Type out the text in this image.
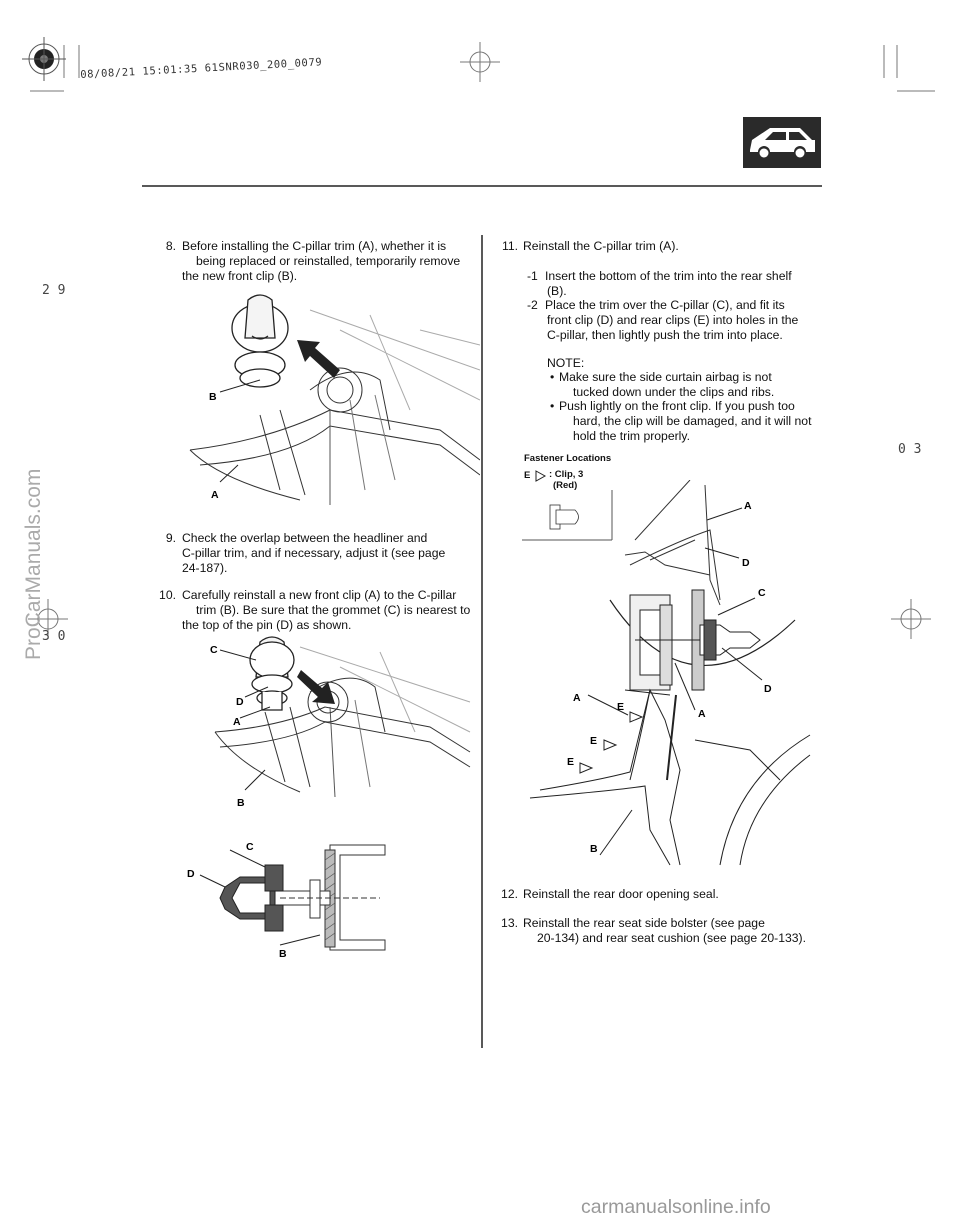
08/08/21 15:01:35 61SNR030_200_0079
2 9
3 0
0 3
ProCarManuals.com
carmanualsonline.info
8. Before installing the C-pillar trim (A), whether it is
being replaced or reinstalled, temporarily remove
the new front clip (B).
B
A
9. Check the overlap between the headliner and
C-pillar trim, and if necessary, adjust it (see page
24-187).
10. Carefully reinstall a new front clip (A) to the C-pillar
trim (B). Be sure that the grommet (C) is nearest to
the top of the pin (D) as shown.
C
D
A
B
C
D
B
11. Reinstall the C-pillar trim (A).
-1 Insert the bottom of the trim into the rear shelf
(B).
-2 Place the trim over the C-pillar (C), and fit its
front clip (D) and rear clips (E) into holes in the
C-pillar, then lightly push the trim into place.
NOTE:
• Make sure the side curtain airbag is not
tucked down under the clips and ribs.
• Push lightly on the front clip. If you push too
hard, the clip will be damaged, and it will not
hold the trim properly.
Fastener Locations
E : Clip, 3
(Red)
A
D
C
D
A
A
E
E
E
B
12. Reinstall the rear door opening seal.
13. Reinstall the rear seat side bolster (see page
20-134) and rear seat cushion (see page 20-133).
